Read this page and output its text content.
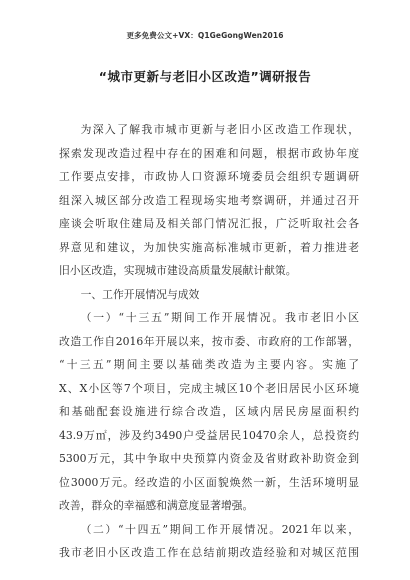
更多免费公文+VX：Q1GeGongWen2016
“城市更新与老旧小区改造”调研报告
为深入了解我市城市更新与老旧小区改造工作现状，
探索发现改造过程中存在的困难和问题，根据市政协年度
工作要点安排，市政协人口资源环境委员会组织专题调研
组深入城区部分改造工程现场实地考察调研，并通过召开
座谈会听取住建局及相关部门情况汇报，广泛听取社会各
界意见和建议，为加快实施高标准城市更新，着力推进老
旧小区改造，实现城市建设高质量发展献计献策。
一、工作开展情况与成效
（一）“十三五”期间工作开展情况。我市老旧小区
改造工作自2016年开展以来，按市委、市政府的工作部署，
“十三五”期间主要以基础类改造为主要内容。实施了
X、X小区等7个项目，完成主城区10个老旧居民小区环境
和基础配套设施进行综合改造，区域内居民房屋面积约
43.9万㎡，涉及约3490户受益居民10470余人，总投资约
5300万元，其中争取中央预算内资金及省财政补助资金到
位3000万元。经改造的小区面貌焕然一新，生活环境明显
改善，群众的幸福感和满意度显著增强。
（二）“十四五”期间工作开展情况。2021年以来，
我市老旧小区改造工作在总结前期改造经验和对城区范围
